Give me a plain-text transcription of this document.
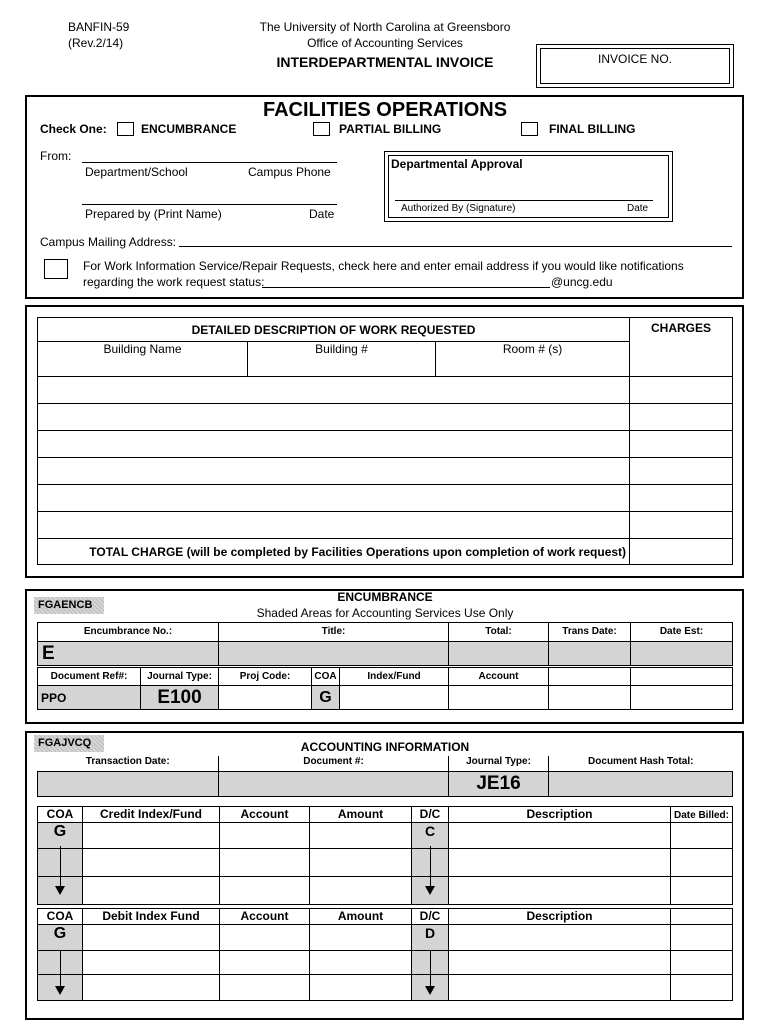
BANFIN-59
(Rev.2/14)
The University of North Carolina at Greensboro
Office of Accounting Services
INTERDEPARTMENTAL INVOICE	INVOICE NO.
FACILITIES OPERATIONS
Check One:	ENCUMBRANCE	PARTIAL BILLING	FINAL BILLING
From:
Department/School	Campus Phone
Prepared by (Print Name)	Date
Departmental Approval
Authorized By (Signature)	Date
Campus Mailing Address:
For Work Information Service/Repair Requests, check here and enter email address if you would like notifications
regarding the work request status:	@uncg.edu
DETAILED DESCRIPTION OF WORK REQUESTED			CHARGES
Building Name	Building #	Room # (s)	

TOTAL CHARGE (will be completed by Facilities Operations upon completion of work request)			
FGAENCB
ENCUMBRANCE
Shaded Areas for Accounting Services Use Only
Encumbrance No.:	Title:	Total:	Trans Date:	Date Est:
E				
Document Ref#:	Journal Type:	Proj Code:	COA	Index/Fund	Account		
PPO	E100		G				
FGAJVCQ	ACCOUNTING INFORMATION
Transaction Date:	Document #:	Journal Type:	Document Hash Total:
		JE16	
COA	Credit Index/Fund	Account	Amount	D/C	Description	Date Billed:
G				C		

COA	Debit Index Fund	Account	Amount	D/C	Description	
G				D		
